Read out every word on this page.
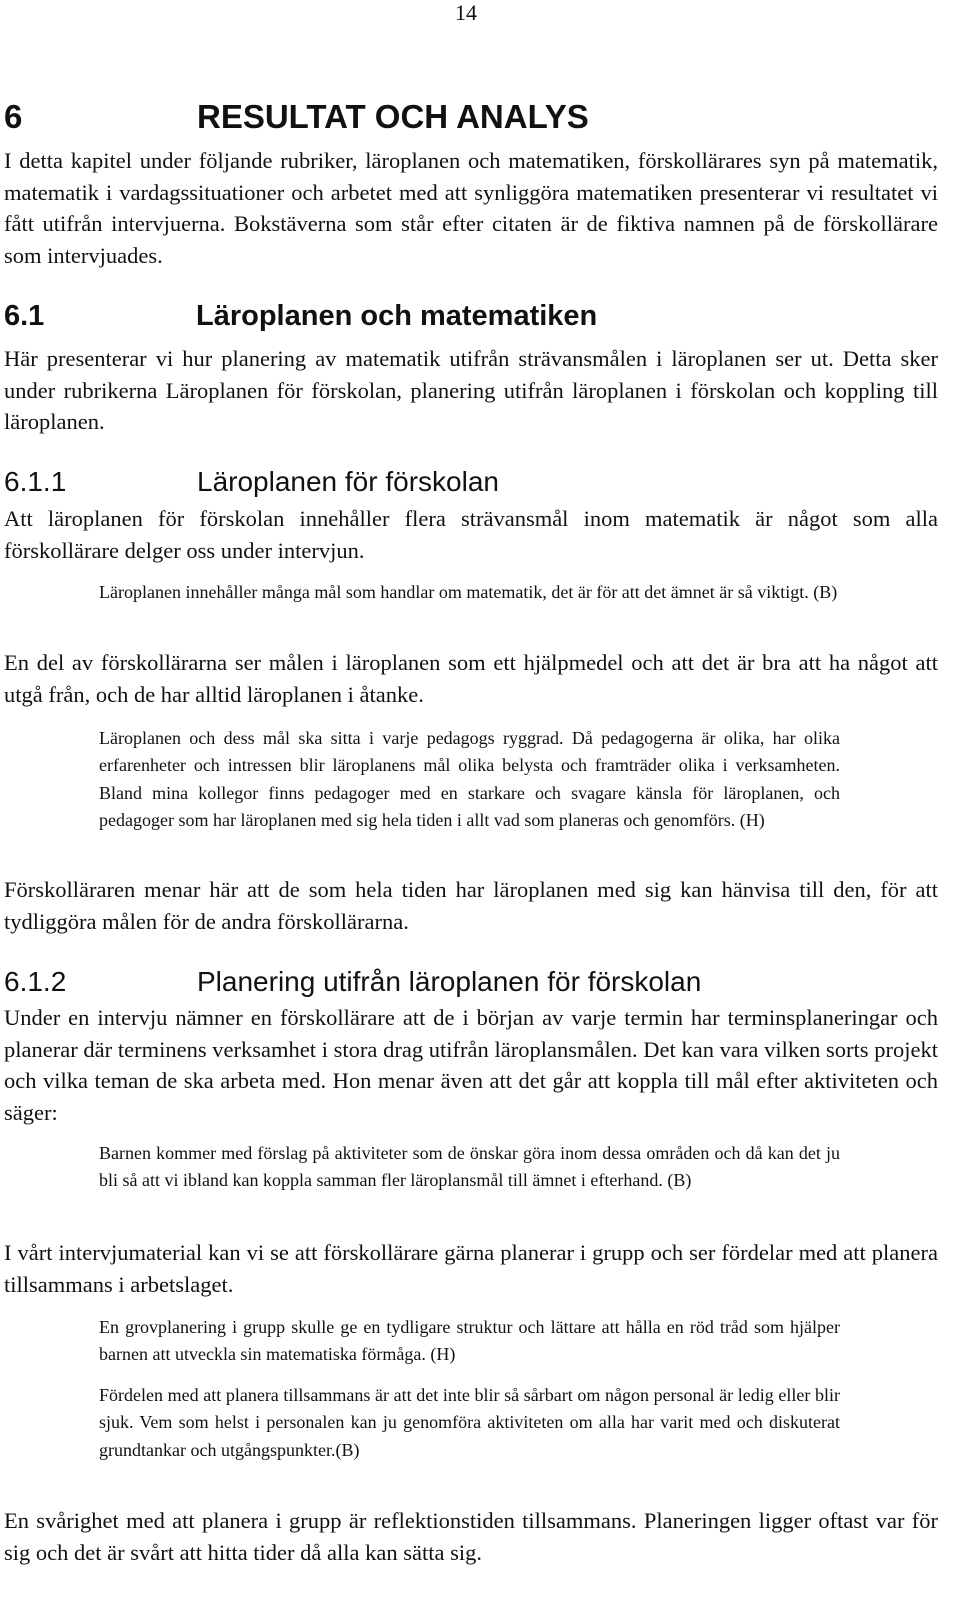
14
6	RESULTAT OCH ANALYS

I detta kapitel under följande rubriker, läroplanen och matematiken, förskollärares syn på matematik, matematik i vardagssituationer och arbetet med att synliggöra matematiken presenterar vi resultatet vi fått utifrån intervjuerna. Bokstäverna som står efter citaten är de fiktiva namnen på de förskollärare som intervjuades.

6.1	Läroplanen och matematiken

Här presenterar vi hur planering av matematik utifrån strävansmålen i läroplanen ser ut. Detta sker under rubrikerna Läroplanen för förskolan, planering utifrån läroplanen i förskolan och koppling till läroplanen.

6.1.1	Läroplanen för förskolan

Att läroplanen för förskolan innehåller flera strävansmål inom matematik är något som alla förskollärare delger oss under intervjun.

Läroplanen innehåller många mål som handlar om matematik, det är för att det ämnet är så viktigt. (B)

En del av förskollärarna ser målen i läroplanen som ett hjälpmedel och att det är bra att ha något att utgå från, och de har alltid läroplanen i åtanke.

Läroplanen och dess mål ska sitta i varje pedagogs ryggrad. Då pedagogerna är olika, har olika erfarenheter och intressen blir läroplanens mål olika belysta och framträder olika i verksamheten. Bland mina kollegor finns pedagoger med en starkare och svagare känsla för läroplanen, och pedagoger som har läroplanen med sig hela tiden i allt vad som planeras och genomförs. (H)

Förskolläraren menar här att de som hela tiden har läroplanen med sig kan hänvisa till den, för att tydliggöra målen för de andra förskollärarna.

6.1.2	Planering utifrån läroplanen för förskolan

Under en intervju nämner en förskollärare att de i början av varje termin har terminsplaneringar och planerar där terminens verksamhet i stora drag utifrån läroplansmålen. Det kan vara vilken sorts projekt och vilka teman de ska arbeta med. Hon menar även att det går att koppla till mål efter aktiviteten och säger:

Barnen kommer med förslag på aktiviteter som de önskar göra inom dessa områden och då kan det ju bli så att vi ibland kan koppla samman fler läroplansmål till ämnet i efterhand. (B)

I vårt intervjumaterial kan vi se att förskollärare gärna planerar i grupp och ser fördelar med att planera tillsammans i arbetslaget.

En grovplanering i grupp skulle ge en tydligare struktur och lättare att hålla en röd tråd som hjälper barnen att utveckla sin matematiska förmåga. (H)

Fördelen med att planera tillsammans är att det inte blir så sårbart om någon personal är ledig eller blir sjuk. Vem som helst i personalen kan ju genomföra aktiviteten om alla har varit med och diskuterat grundtankar och utgångspunkter.(B)

En svårighet med att planera i grupp är reflektionstiden tillsammans. Planeringen ligger oftast var för sig och det är svårt att hitta tider då alla kan sätta sig.
